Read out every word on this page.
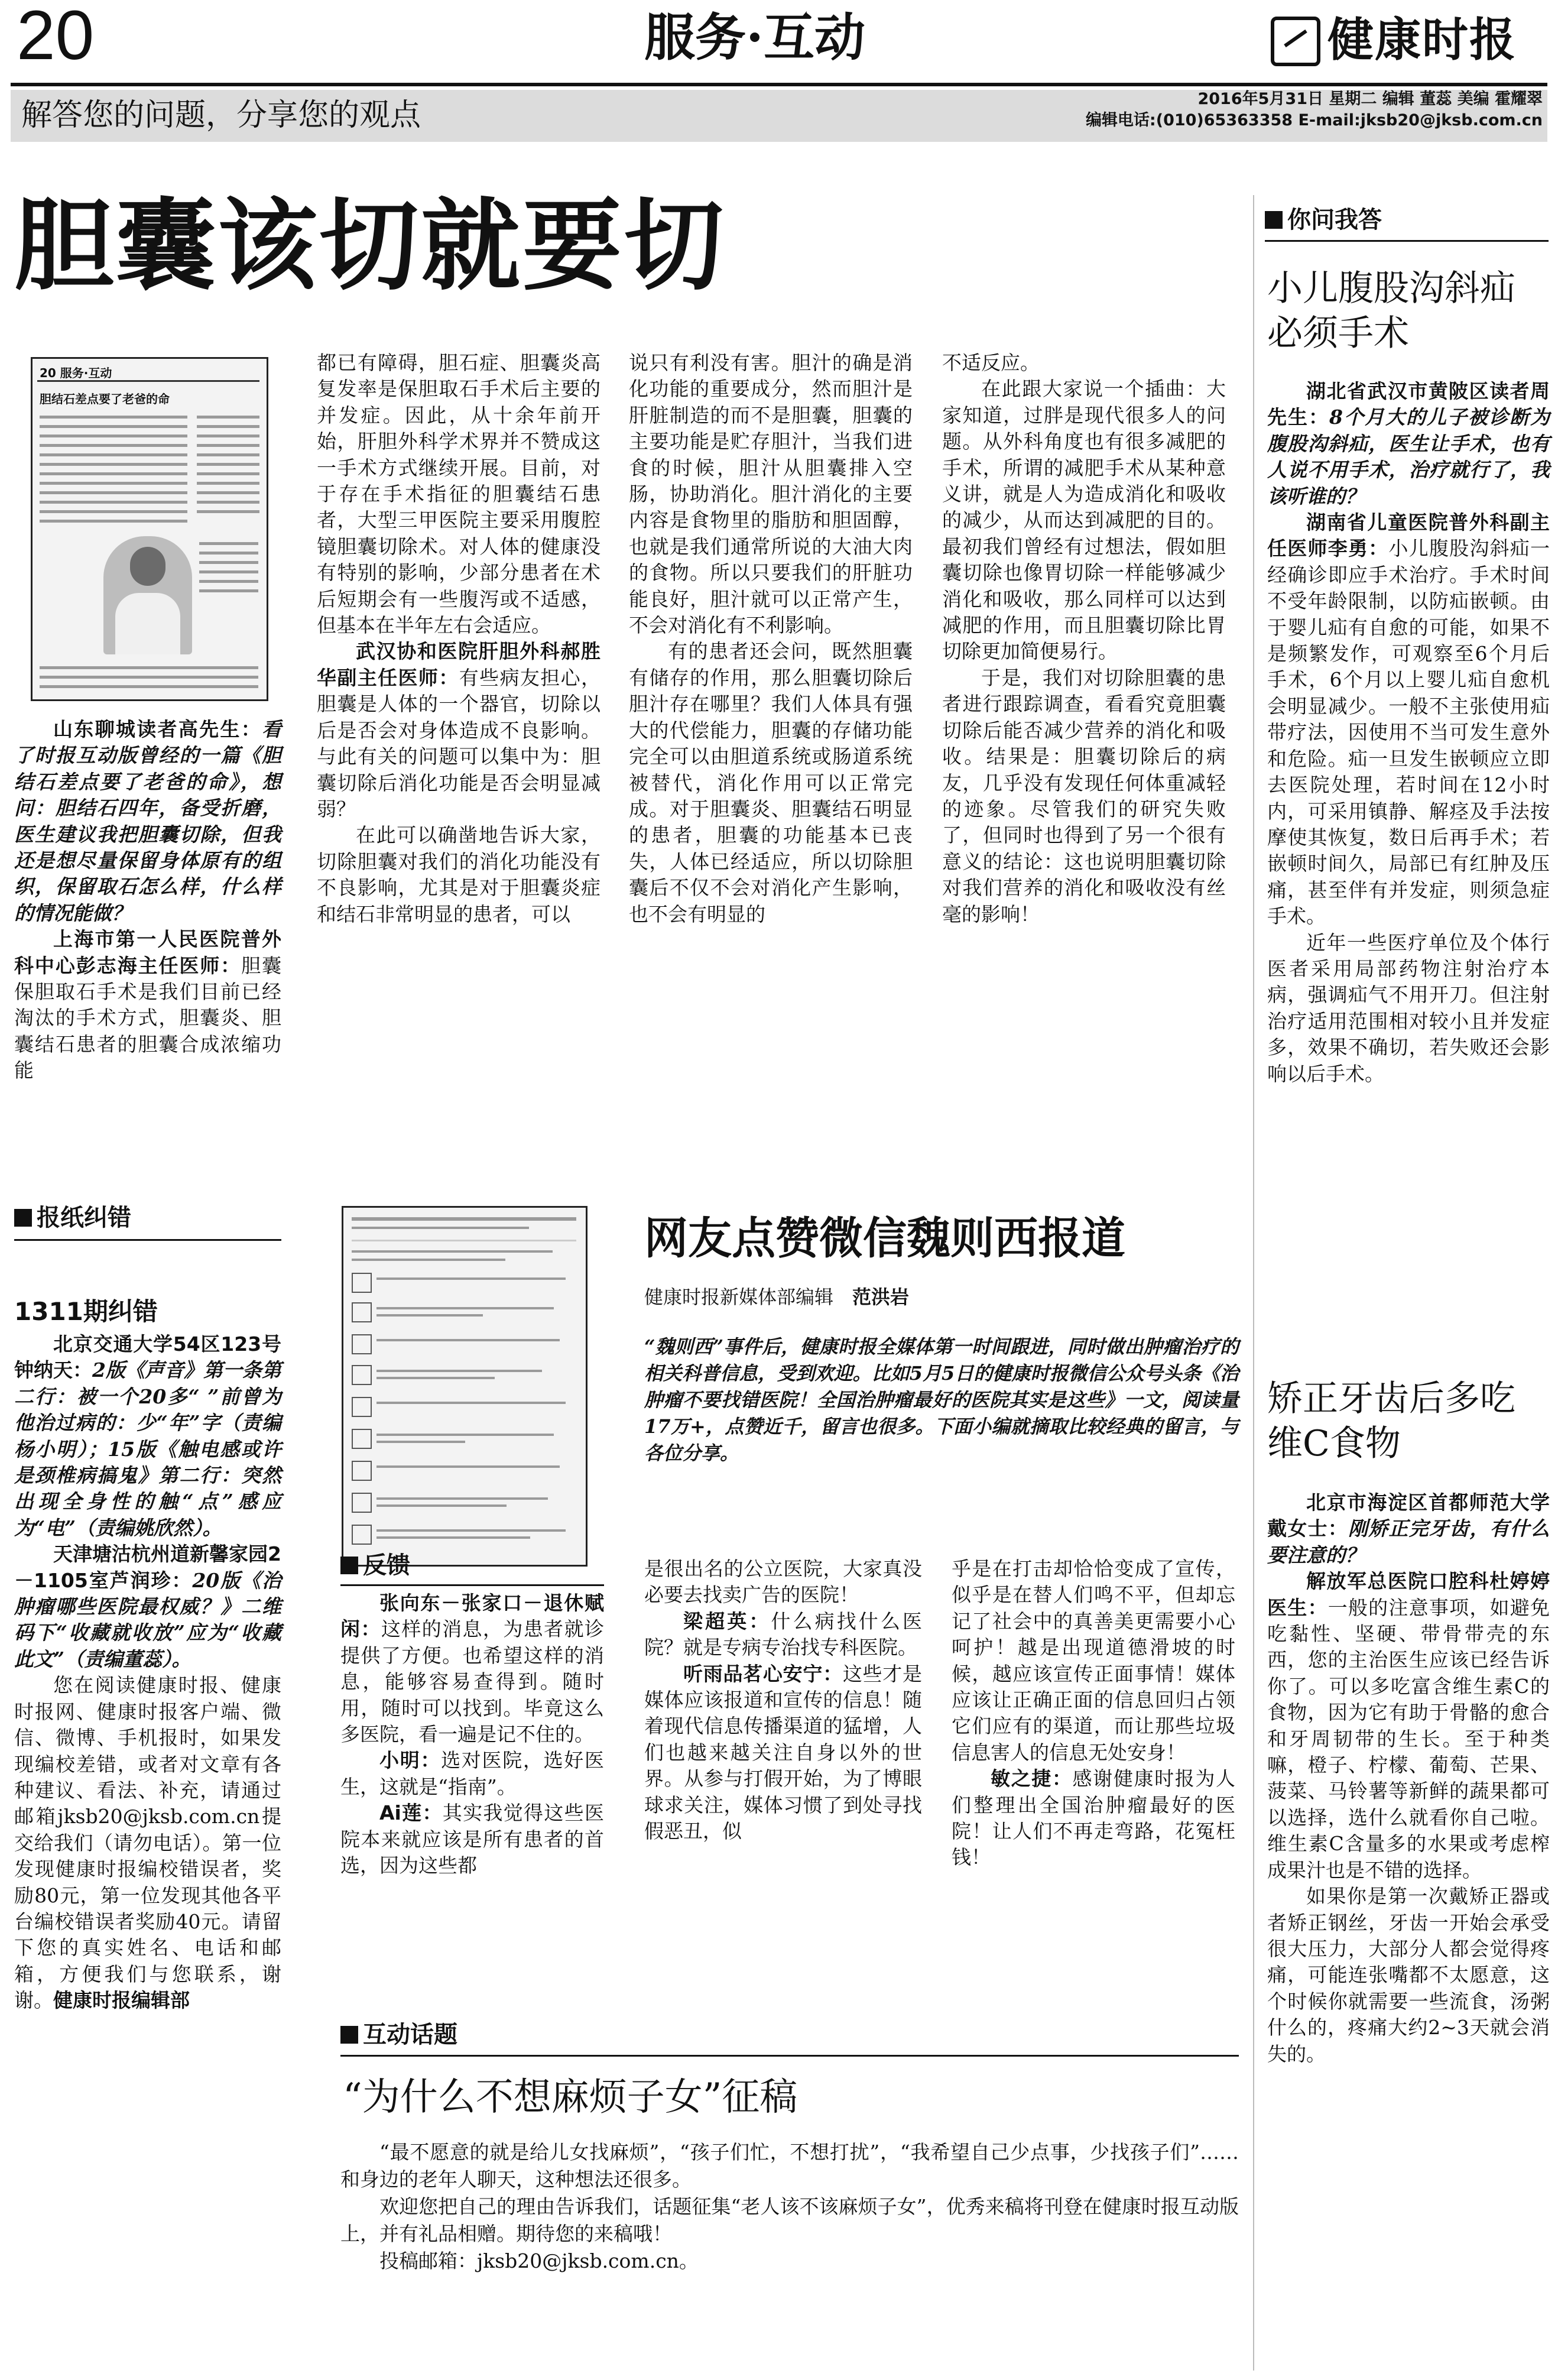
20	服务·互动	健康时报
解答您的问题，分享您的观点	2016年5月31日 星期二 编辑 董蕊 美编 霍耀翠
编辑电话:(010)65363358 E-mail:jksb20@jksb.com.cn
胆囊该切就要切
20 服务·互动
胆结石差点要了老爸的命

山东聊城读者高先生：看了时报互动版曾经的一篇《胆结石差点要了老爸的命》，想问：胆结石四年，备受折磨，医生建议我把胆囊切除，但我还是想尽量保留身体原有的组织，保留取石怎么样，什么样的情况能做？

上海市第一人民医院普外科中心彭志海主任医师：胆囊保胆取石手术是我们目前已经淘汰的手术方式，胆囊炎、胆囊结石患者的胆囊合成浓缩功能

都已有障碍，胆石症、胆囊炎高复发率是保胆取石手术后主要的并发症。因此，从十余年前开始，肝胆外科学术界并不赞成这一手术方式继续开展。目前，对于存在手术指征的胆囊结石患者，大型三甲医院主要采用腹腔镜胆囊切除术。对人体的健康没有特别的影响，少部分患者在术后短期会有一些腹泻或不适感，但基本在半年左右会适应。

武汉协和医院肝胆外科郝胜华副主任医师：有些病友担心，胆囊是人体的一个器官，切除以后是否会对身体造成不良影响。与此有关的问题可以集中为：胆囊切除后消化功能是否会明显减弱？

在此可以确凿地告诉大家，切除胆囊对我们的消化功能没有不良影响，尤其是对于胆囊炎症和结石非常明显的患者，可以

说只有利没有害。胆汁的确是消化功能的重要成分，然而胆汁是肝脏制造的而不是胆囊，胆囊的主要功能是贮存胆汁，当我们进食的时候，胆汁从胆囊排入空肠，协助消化。胆汁消化的主要内容是食物里的脂肪和胆固醇，也就是我们通常所说的大油大肉的食物。所以只要我们的肝脏功能良好，胆汁就可以正常产生，不会对消化有不利影响。

有的患者还会问，既然胆囊有储存的作用，那么胆囊切除后胆汁存在哪里？我们人体具有强大的代偿能力，胆囊的存储功能完全可以由胆道系统或肠道系统被替代，消化作用可以正常完成。对于胆囊炎、胆囊结石明显的患者，胆囊的功能基本已丧失，人体已经适应，所以切除胆囊后不仅不会对消化产生影响，也不会有明显的

不适反应。

在此跟大家说一个插曲：大家知道，过胖是现代很多人的问题。从外科角度也有很多减肥的手术，所谓的减肥手术从某种意义讲，就是人为造成消化和吸收的减少，从而达到减肥的目的。最初我们曾经有过想法，假如胆囊切除也像胃切除一样能够减少消化和吸收，那么同样可以达到减肥的作用，而且胆囊切除比胃切除更加简便易行。

于是，我们对切除胆囊的患者进行跟踪调查，看看究竟胆囊切除后能否减少营养的消化和吸收。结果是：胆囊切除后的病友，几乎没有发现任何体重减轻的迹象。尽管我们的研究失败了，但同时也得到了另一个很有意义的结论：这也说明胆囊切除对我们营养的消化和吸收没有丝毫的影响！

报纸纠错
1311期纠错

北京交通大学54区123号钟纳天：2版《声音》第一条第二行：被一个20多“ ”前曾为他治过病的：少“年”字（责编杨小明）；15版《触电感或许是颈椎病搞鬼》第二行：突然出现全身性的触“点”感应为“电”（责编姚欣然）。

天津塘沽杭州道新馨家园2－1105室芦润珍：20版《治肿瘤哪些医院最权威？》二维码下“收藏就收放”应为“收藏此文”（责编董蕊）。

您在阅读健康时报、健康时报网、健康时报客户端、微信、微博、手机报时，如果发现编校差错，或者对文章有各种建议、看法、补充，请通过邮箱jksb20@jksb.com.cn提交给我们（请勿电话）。第一位发现健康时报编校错误者，奖励80元，第一位发现其他各平台编校错误者奖励40元。请留下您的真实姓名、电话和邮箱，方便我们与您联系，谢谢。健康时报编辑部

网友点赞微信魏则西报道
健康时报新媒体部编辑　 范洪岩
“魏则西”事件后，健康时报全媒体第一时间跟进，同时做出肿瘤治疗的相关科普信息，受到欢迎。比如5月5日的健康时报微信公众号头条《治肿瘤不要找错医院！全国治肿瘤最好的医院其实是这些》一文，阅读量17万+，点赞近千，留言也很多。下面小编就摘取比较经典的留言，与各位分享。
反馈

张向东－张家口－退休赋闲：这样的消息，为患者就诊提供了方便。也希望这样的消息，能够容易查得到。随时用，随时可以找到。毕竟这么多医院，看一遍是记不住的。

小明：选对医院，选好医生，这就是“指南”。

Ai莲：其实我觉得这些医院本来就应该是所有患者的首选，因为这些都

是很出名的公立医院，大家真没必要去找卖广告的医院！

梁超英：什么病找什么医院？就是专病专治找专科医院。

听雨品茗心安宁：这些才是媒体应该报道和宣传的信息！随着现代信息传播渠道的猛增，人们也越来越关注自身以外的世界。从参与打假开始，为了博眼球求关注，媒体习惯了到处寻找假恶丑，似

乎是在打击却恰恰变成了宣传，似乎是在替人们鸣不平，但却忘记了社会中的真善美更需要小心呵护！越是出现道德滑坡的时候，越应该宣传正面事情！媒体应该让正确正面的信息回归占领它们应有的渠道，而让那些垃圾信息害人的信息无处安身！

敏之捷：感谢健康时报为人们整理出全国治肿瘤最好的医院！让人们不再走弯路，花冤枉钱！

互动话题
“为什么不想麻烦子女”征稿

“最不愿意的就是给儿女找麻烦”，“孩子们忙，不想打扰”，“我希望自己少点事，少找孩子们”……和身边的老年人聊天，这种想法还很多。

欢迎您把自己的理由告诉我们，话题征集“老人该不该麻烦子女”，优秀来稿将刊登在健康时报互动版上，并有礼品相赠。期待您的来稿哦！

投稿邮箱：jksb20@jksb.com.cn。

你问我答
小儿腹股沟斜疝必须手术

湖北省武汉市黄陂区读者周先生：8个月大的儿子被诊断为腹股沟斜疝，医生让手术，也有人说不用手术，治疗就行了，我该听谁的？

湖南省儿童医院普外科副主任医师李勇：小儿腹股沟斜疝一经确诊即应手术治疗。手术时间不受年龄限制，以防疝嵌顿。由于婴儿疝有自愈的可能，如果不是频繁发作，可观察至6个月后手术，6个月以上婴儿疝自愈机会明显减少。一般不主张使用疝带疗法，因使用不当可发生意外和危险。疝一旦发生嵌顿应立即去医院处理，若时间在12小时内，可采用镇静、解痉及手法按摩使其恢复，数日后再手术；若嵌顿时间久，局部已有红肿及压痛，甚至伴有并发症，则须急症手术。

近年一些医疗单位及个体行医者采用局部药物注射治疗本病，强调疝气不用开刀。但注射治疗适用范围相对较小且并发症多，效果不确切，若失败还会影响以后手术。

矫正牙齿后多吃维C食物

北京市海淀区首都师范大学戴女士：刚矫正完牙齿，有什么要注意的？

解放军总医院口腔科杜婷婷医生：一般的注意事项，如避免吃黏性、坚硬、带骨带壳的东西，您的主治医生应该已经告诉你了。可以多吃富含维生素C的食物，因为它有助于骨骼的愈合和牙周韧带的生长。至于种类嘛，橙子、柠檬、葡萄、芒果、菠菜、马铃薯等新鲜的蔬果都可以选择，选什么就看你自己啦。维生素C含量多的水果或考虑榨成果汁也是不错的选择。

如果你是第一次戴矫正器或者矫正钢丝，牙齿一开始会承受很大压力，大部分人都会觉得疼痛，可能连张嘴都不太愿意，这个时候你就需要一些流食，汤粥什么的，疼痛大约2~3天就会消失的。
